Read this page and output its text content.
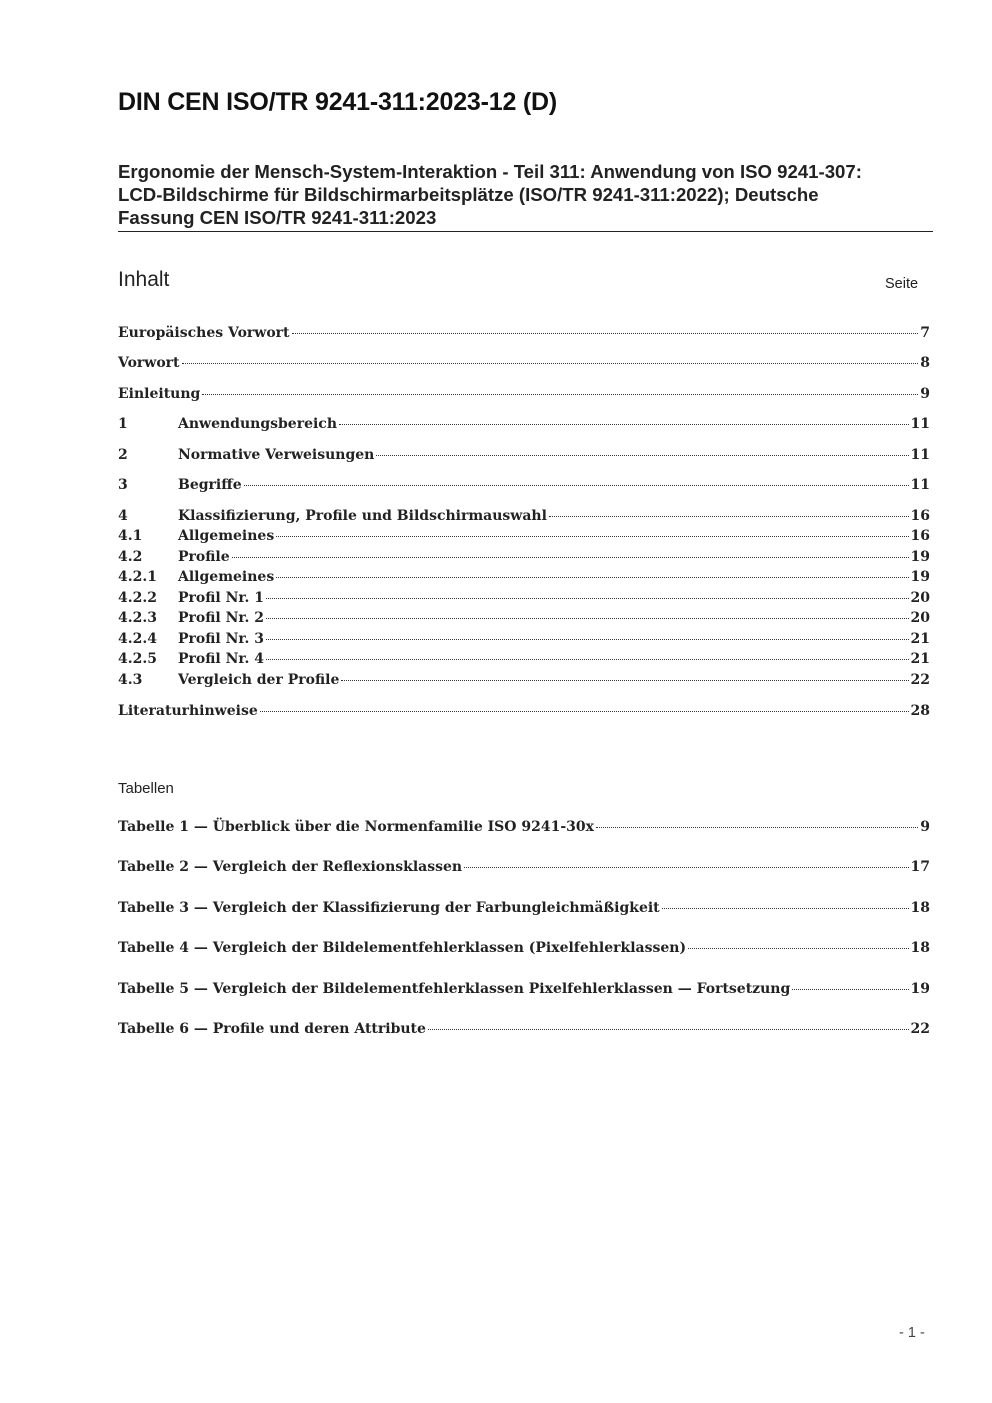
DIN CEN ISO/TR 9241-311:2023-12 (D)
Ergonomie der Mensch-System-Interaktion - Teil 311: Anwendung von ISO 9241-307:
LCD-Bildschirme für Bildschirmarbeitsplätze (ISO/TR 9241-311:2022); Deutsche
Fassung CEN ISO/TR 9241-311:2023
Inhalt	Seite
Europäisches Vorwort	7
Vorwort	8
Einleitung	9
1	Anwendungsbereich	11
2	Normative Verweisungen	11
3	Begriffe	11
4	Klassifizierung, Profile und Bildschirmauswahl	16
4.1	Allgemeines	16
4.2	Profile	19
4.2.1	Allgemeines	19
4.2.2	Profil Nr. 1	20
4.2.3	Profil Nr. 2	20
4.2.4	Profil Nr. 3	21
4.2.5	Profil Nr. 4	21
4.3	Vergleich der Profile	22
Literaturhinweise	28
Tabellen
Tabelle 1 — Überblick über die Normenfamilie ISO 9241-30x	9
Tabelle 2 — Vergleich der Reflexionsklassen	17
Tabelle 3 — Vergleich der Klassifizierung der Farbungleichmäßigkeit	18
Tabelle 4 — Vergleich der Bildelementfehlerklassen (Pixelfehlerklassen)	18
Tabelle 5 — Vergleich der Bildelementfehlerklassen Pixelfehlerklassen — Fortsetzung	19
Tabelle 6 — Profile und deren Attribute	22
- 1 -
